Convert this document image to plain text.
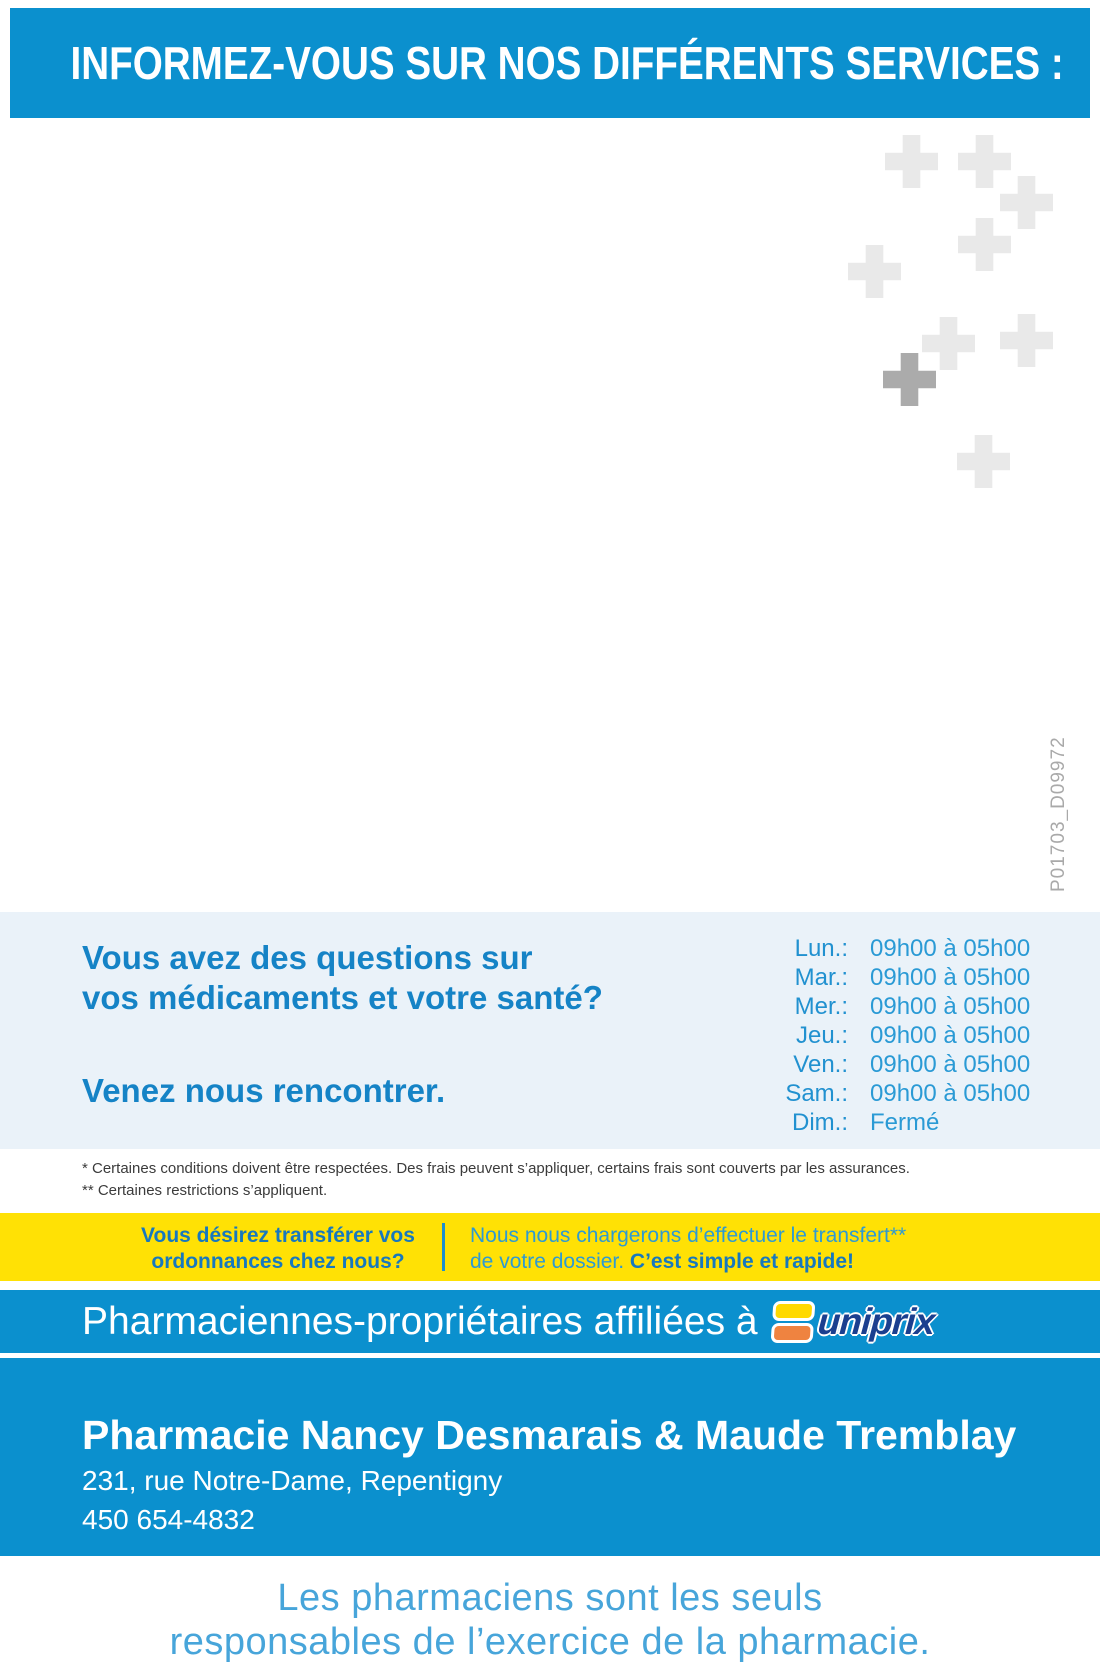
INFORMEZ-VOUS SUR NOS DIFFÉRENTS SERVICES :
P01703_D09972

Vous avez des questions sur

vos médicaments et votre santé?

Venez nous rencontrer.

Lun.: 09h00 à 05h00
Mar.: 09h00 à 05h00
Mer.: 09h00 à 05h00
Jeu.: 09h00 à 05h00
Ven.: 09h00 à 05h00
Sam.: 09h00 à 05h00
Dim.: Fermé

* Certaines conditions doivent être respectées. Des frais peuvent s’appliquer, certains frais sont couverts par les assurances.

** Certaines restrictions s’appliquent.

Vous désirez transférer vos
ordonnances chez nous?
Nous nous chargerons d’effectuer le transfert**
de votre dossier. C’est simple et rapide!
Pharmaciennes-propriétaires affiliées à uniprix

Pharmacie Nancy Desmarais & Maude Tremblay

231, rue Notre-Dame, Repentigny

450 654-4832

Les pharmaciens sont les seuls

responsables de l’exercice de la pharmacie.
